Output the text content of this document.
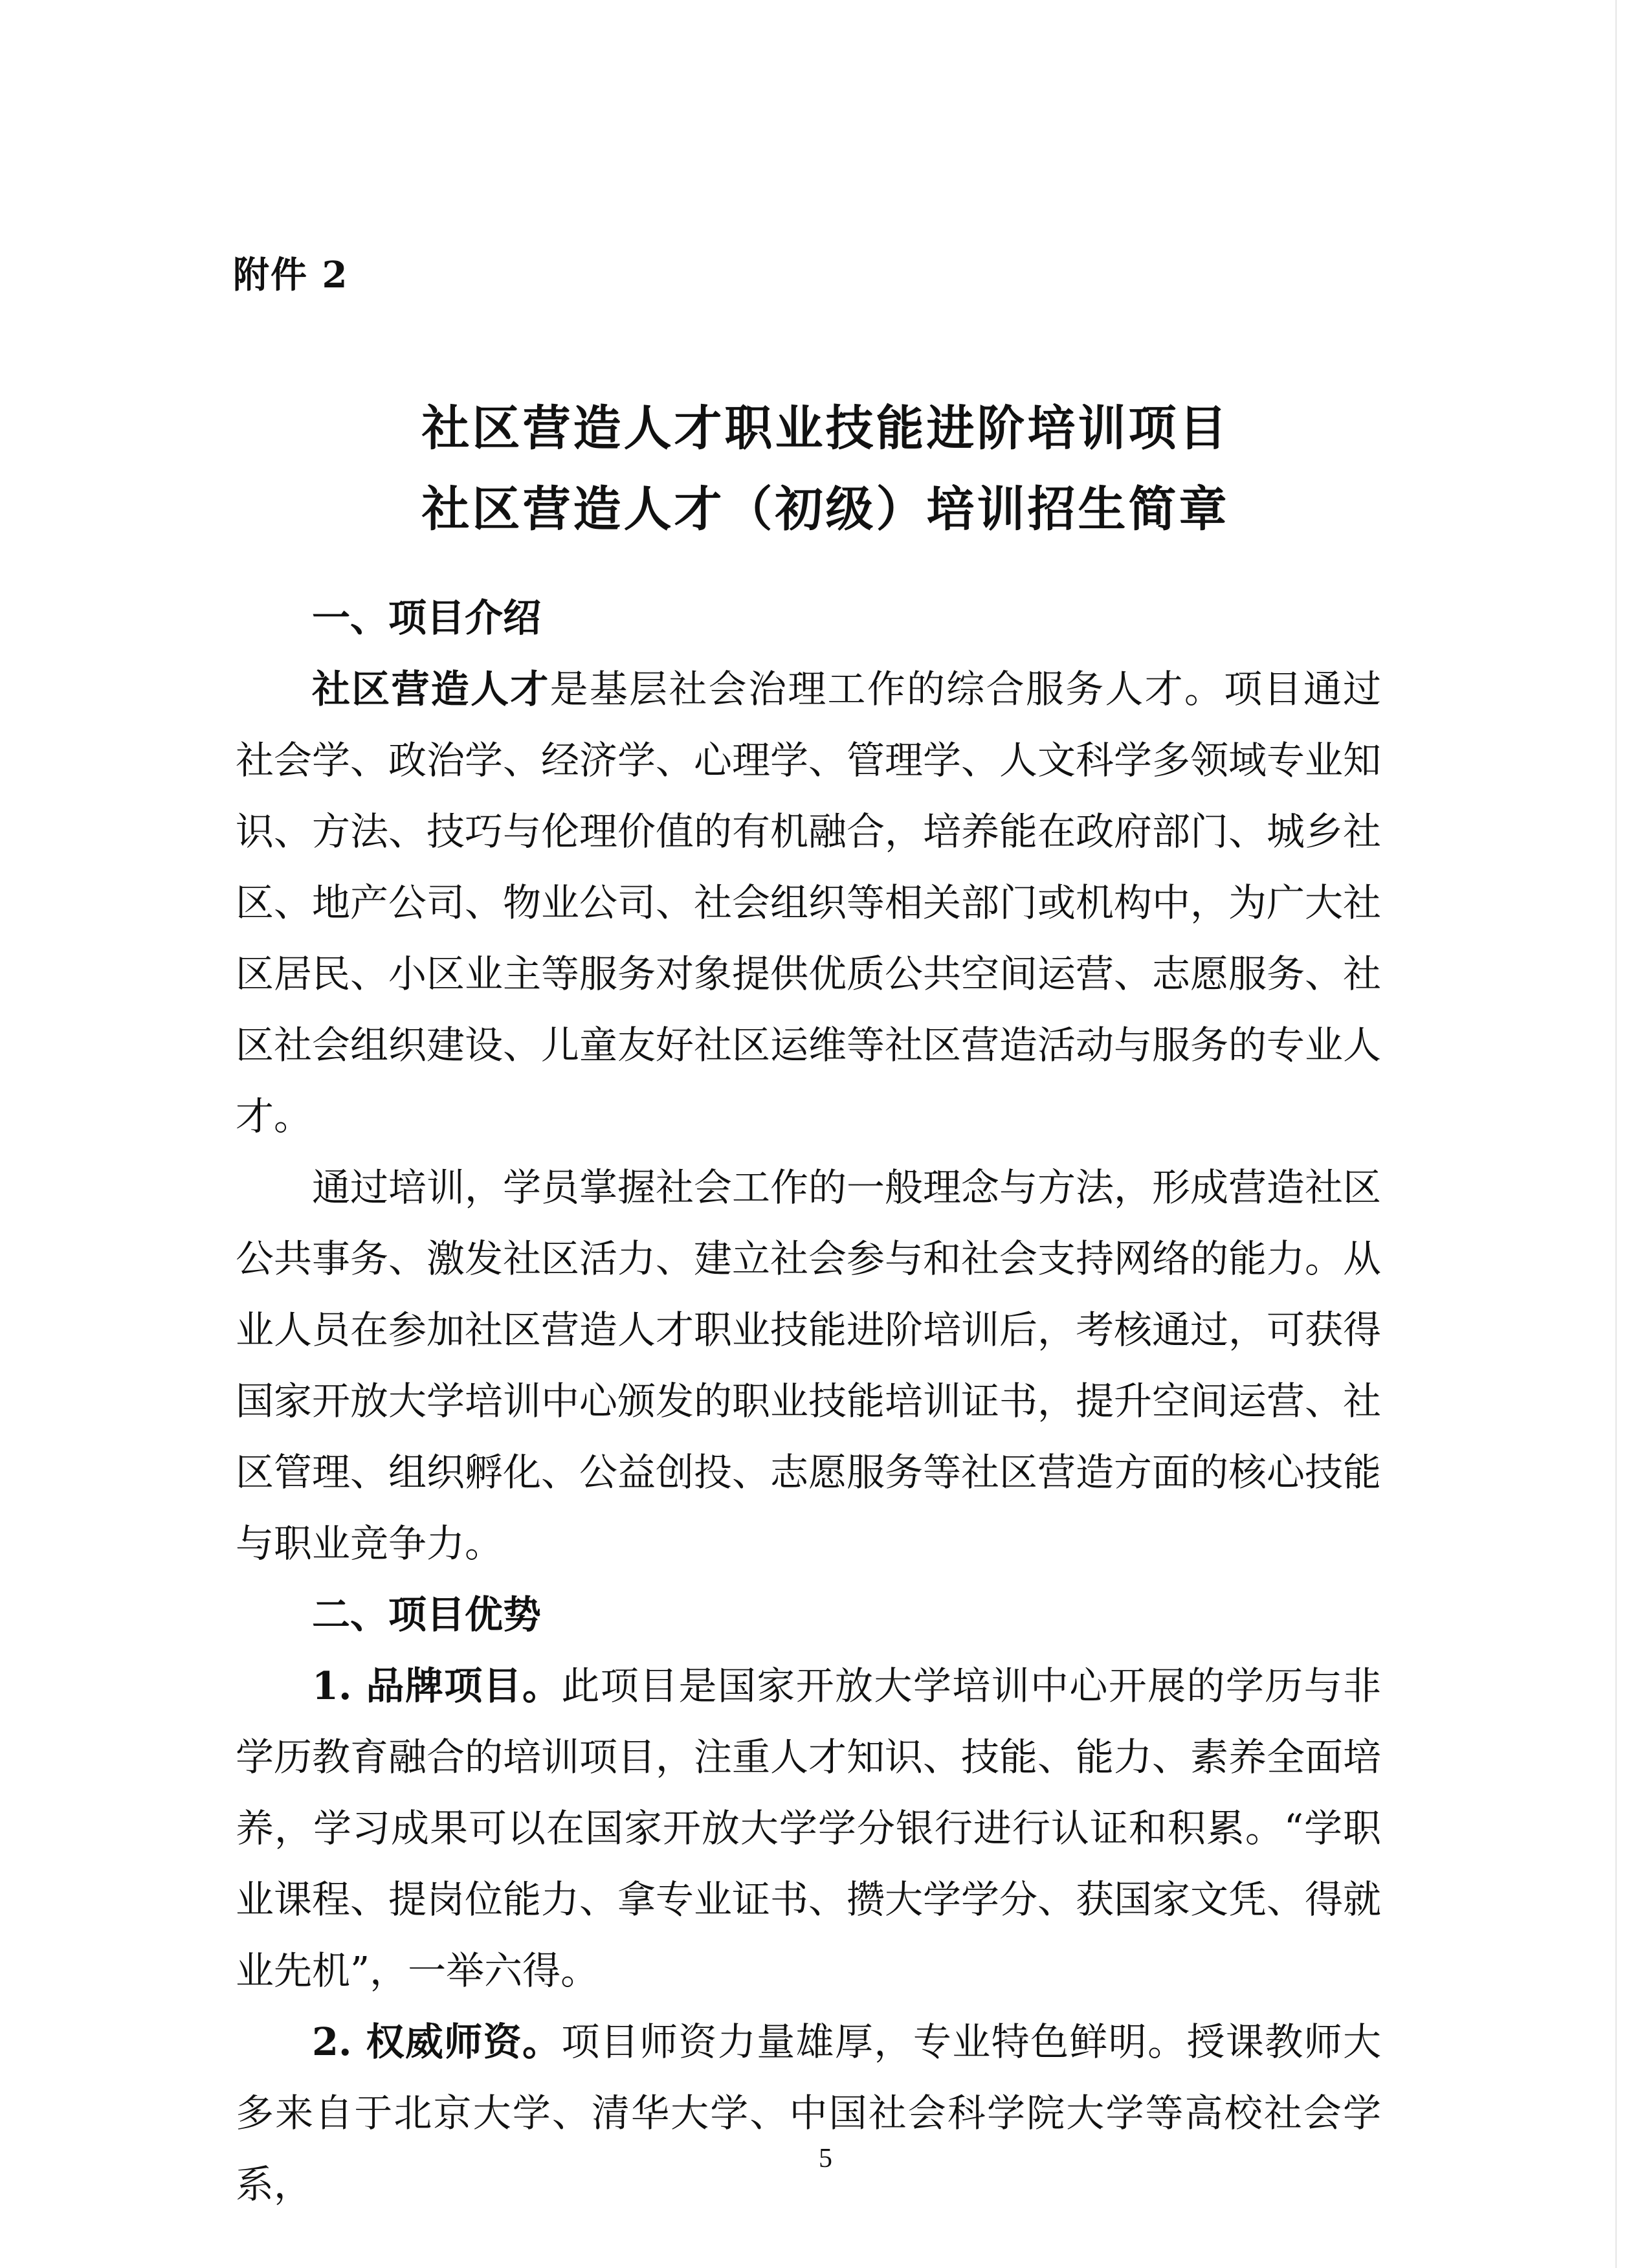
附件 2
社区营造人才职业技能进阶培训项目
社区营造人才（初级）培训招生简章

一、项目介绍

社区营造人才是基层社会治理工作的综合服务人才。项目通过社会学、政治学、经济学、心理学、管理学、人文科学多领域专业知识、方法、技巧与伦理价值的有机融合，培养能在政府部门、城乡社区、地产公司、物业公司、社会组织等相关部门或机构中，为广大社区居民、小区业主等服务对象提供优质公共空间运营、志愿服务、社区社会组织建设、儿童友好社区运维等社区营造活动与服务的专业人才。

通过培训，学员掌握社会工作的一般理念与方法，形成营造社区公共事务、激发社区活力、建立社会参与和社会支持网络的能力。从业人员在参加社区营造人才职业技能进阶培训后，考核通过，可获得国家开放大学培训中心颁发的职业技能培训证书，提升空间运营、社区管理、组织孵化、公益创投、志愿服务等社区营造方面的核心技能与职业竞争力。

二、项目优势

1. 品牌项目。此项目是国家开放大学培训中心开展的学历与非学历教育融合的培训项目，注重人才知识、技能、能力、素养全面培养，学习成果可以在国家开放大学学分银行进行认证和积累。“学职业课程、提岗位能力、拿专业证书、攒大学学分、获国家文凭、得就业先机”，一举六得。

2. 权威师资。项目师资力量雄厚，专业特色鲜明。授课教师大多来自于北京大学、清华大学、中国社会科学院大学等高校社会学系，

5
